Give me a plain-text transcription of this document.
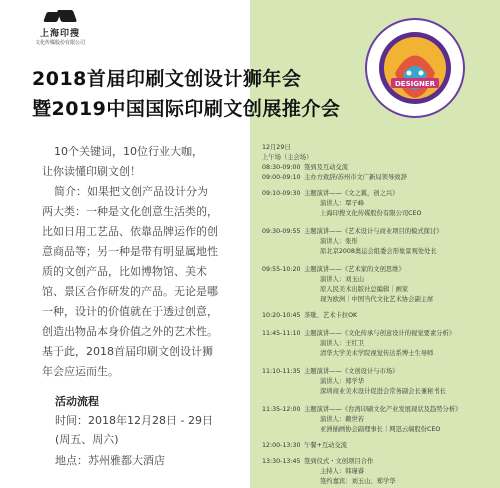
上海印搜
文化传媒股份有限公司
2018首届印刷文创设计狮年会
暨2019中国国际印刷文创展推介会
DESIGNER

10个关键词，10位行业大咖，

让你读懂印刷文创！

简介：如果把文创产品设计分为

两大类：一种是文化创意生活类的，

比如日用工艺品、依靠品牌运作的创

意商品等；另一种是带有明显属地性

质的文创产品，比如博物馆、美术

馆、景区合作研发的产品。无论是哪

一种，设计的价值就在于透过创意，

创造出物品本身价值之外的艺术性。

基于此，2018首届印刷文创设计狮

年会应运而生。

活动流程
时间：2018年12月28日 - 29日
(周五、周六)
地点：苏州雅都大酒店
12月29日
上午场（主会场）
08:30-09:00 签到及互动交流
09:00-09:10 主办方致辞/苏州市文广新局领导致辞
09:10-09:30 主题演讲——《文之翼，创之兴》
演讲人：覃子峰
上海印搜文化传媒股份有限公司CEO
09:30-09:55 主题演讲——《艺术设计与商业项目的模式探讨》
演讲人：张彤
原北京2008奥运会组委会形象景观处处长
09:55-10:20 主题演讲——《艺术家的文创思维》
演讲人：刘玉山
原人民美术出版社总编辑｜画家
现为欧洲｜中国当代文化艺术协会副主席
10:20-10:45 茶歇、艺术卡拉OK
11:45-11:10 主题演讲——《文化传承与创意设计的视觉要素分析》
演讲人：王红卫
清华大学美术学院视觉传达系博士生导师
11:10-11:35 主题演讲——《文创设计与市场》
演讲人：郑学华
深圳商业美术设计促进会常务副会长兼秘书长
11:35-12:00 主题演讲——《台湾印刷文化产业发展现状及趋势分析》
演讲人：赖世若
亚洲插画协会副理事长｜网迅云端股份CEO
12:00-13:30 午餐+互动交流
13:30-13:45 签到仪式・文创项目合作
主持人：韩瑾睿
签约嘉宾：刘玉山、郑学华
